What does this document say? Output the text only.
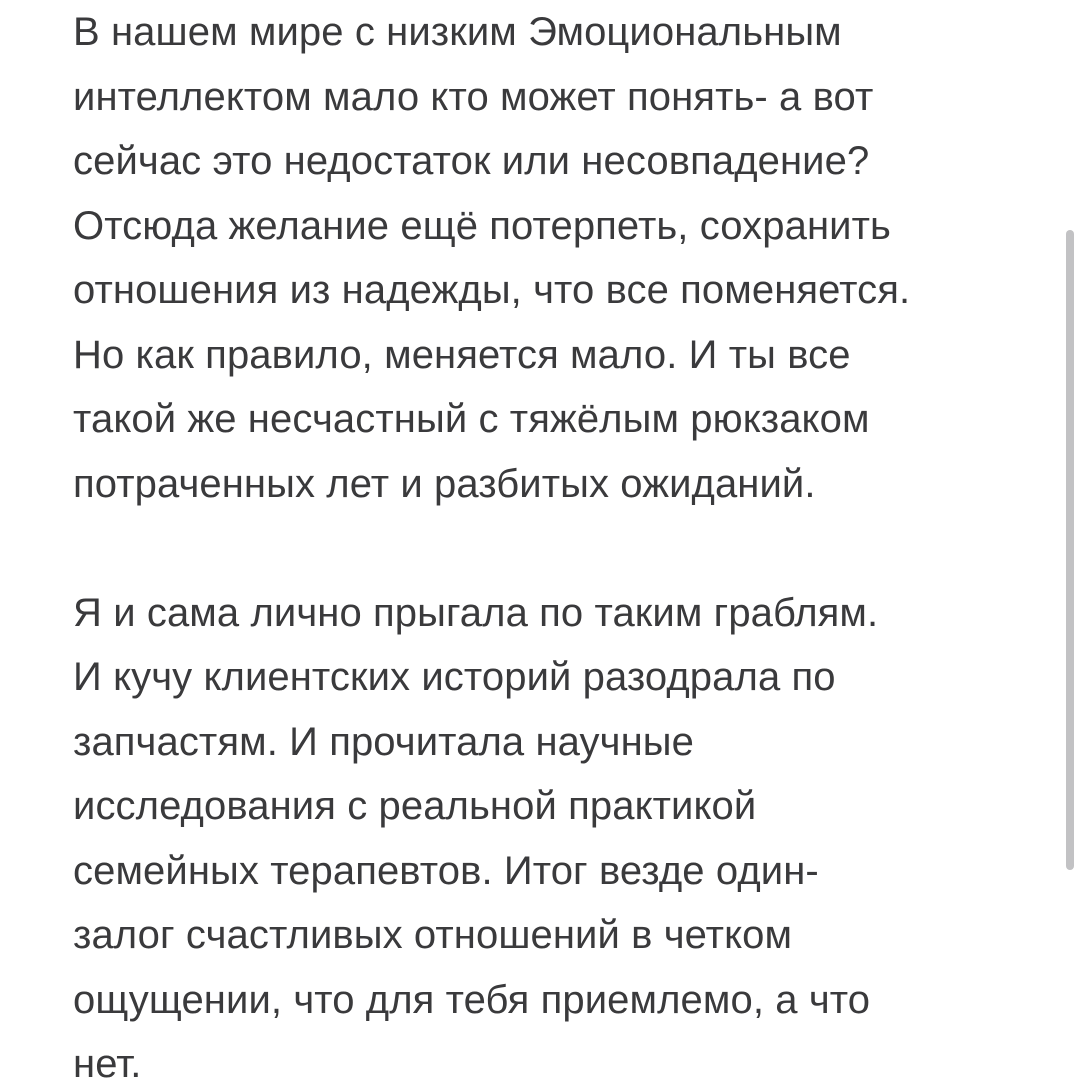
В нашем мире с низким Эмоциональным
интеллектом мало кто может понять- а вот
сейчас это недостаток или несовпадение?
Отсюда желание ещё потерпеть, сохранить
отношения из надежды, что все поменяется.
Но как правило, меняется мало. И ты все
такой же несчастный с тяжёлым рюкзаком
потраченных лет и разбитых ожиданий.
Я и сама лично прыгала по таким граблям.
И кучу клиентских историй разодрала по
запчастям. И прочитала научные
исследования с реальной практикой
семейных терапевтов. Итог везде один-
залог счастливых отношений в четком
ощущении, что для тебя приемлемо, а что
нет.
